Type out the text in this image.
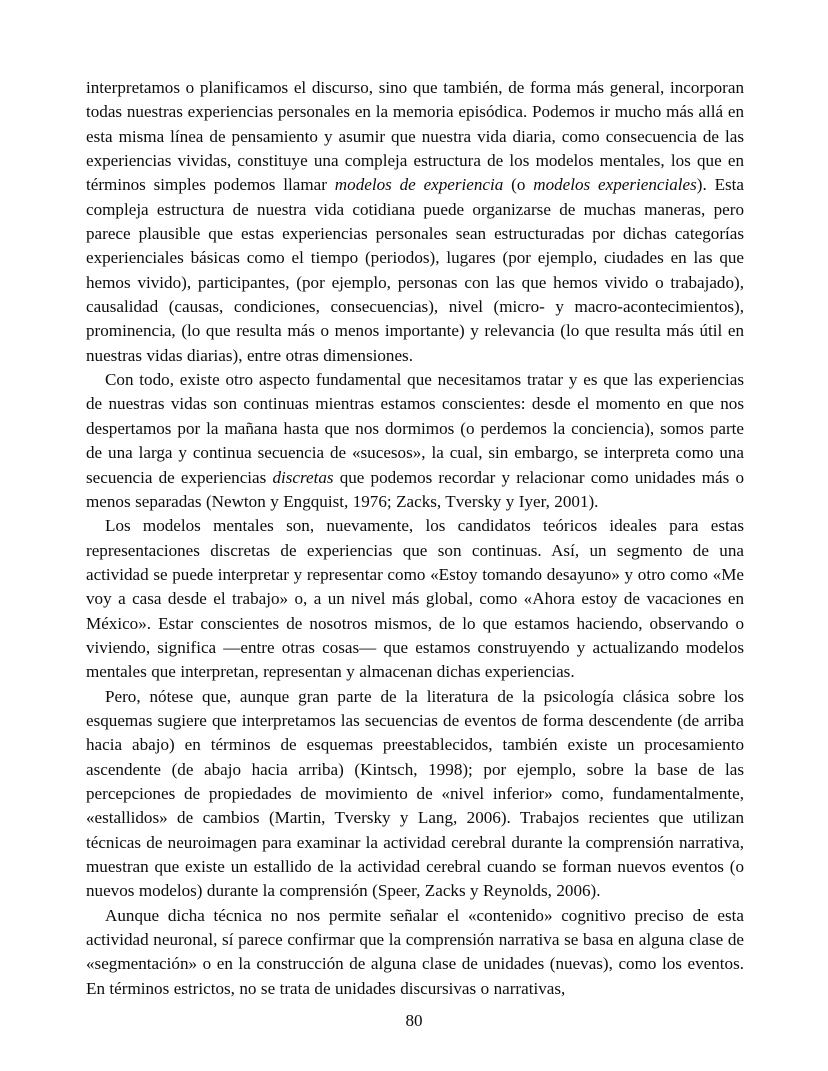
interpretamos o planificamos el discurso, sino que también, de forma más general, incorporan todas nuestras experiencias personales en la memoria episódica. Podemos ir mucho más allá en esta misma línea de pensamiento y asumir que nuestra vida diaria, como consecuencia de las experiencias vividas, constituye una compleja estructura de los modelos mentales, los que en términos simples podemos llamar modelos de experiencia (o modelos experienciales). Esta compleja estructura de nuestra vida cotidiana puede organizarse de muchas maneras, pero parece plausible que estas experiencias personales sean estructuradas por dichas categorías experienciales básicas como el tiempo (periodos), lugares (por ejemplo, ciudades en las que hemos vivido), participantes, (por ejemplo, personas con las que hemos vivido o trabajado), causalidad (causas, condiciones, consecuencias), nivel (micro- y macro-acontecimientos), prominencia, (lo que resulta más o menos importante) y relevancia (lo que resulta más útil en nuestras vidas diarias), entre otras dimensiones.

Con todo, existe otro aspecto fundamental que necesitamos tratar y es que las experiencias de nuestras vidas son continuas mientras estamos conscientes: desde el momento en que nos despertamos por la mañana hasta que nos dormimos (o perdemos la conciencia), somos parte de una larga y continua secuencia de «sucesos», la cual, sin embargo, se interpreta como una secuencia de experiencias discretas que podemos recordar y relacionar como unidades más o menos separadas (Newton y Engquist, 1976; Zacks, Tversky y Iyer, 2001).

Los modelos mentales son, nuevamente, los candidatos teóricos ideales para estas representaciones discretas de experiencias que son continuas. Así, un segmento de una actividad se puede interpretar y representar como «Estoy tomando desayuno» y otro como «Me voy a casa desde el trabajo» o, a un nivel más global, como «Ahora estoy de vacaciones en México». Estar conscientes de nosotros mismos, de lo que estamos haciendo, observando o viviendo, significa —entre otras cosas— que estamos construyendo y actualizando modelos mentales que interpretan, representan y almacenan dichas experiencias.

Pero, nótese que, aunque gran parte de la literatura de la psicología clásica sobre los esquemas sugiere que interpretamos las secuencias de eventos de forma descendente (de arriba hacia abajo) en términos de esquemas preestablecidos, también existe un procesamiento ascendente (de abajo hacia arriba) (Kintsch, 1998); por ejemplo, sobre la base de las percepciones de propiedades de movimiento de «nivel inferior» como, fundamentalmente, «estallidos» de cambios (Martin, Tversky y Lang, 2006). Trabajos recientes que utilizan técnicas de neuroimagen para examinar la actividad cerebral durante la comprensión narrativa, muestran que existe un estallido de la actividad cerebral cuando se forman nuevos eventos (o nuevos modelos) durante la comprensión (Speer, Zacks y Reynolds, 2006).

Aunque dicha técnica no nos permite señalar el «contenido» cognitivo preciso de esta actividad neuronal, sí parece confirmar que la comprensión narrativa se basa en alguna clase de «segmentación» o en la construcción de alguna clase de unidades (nuevas), como los eventos. En términos estrictos, no se trata de unidades discursivas o narrativas,

80
